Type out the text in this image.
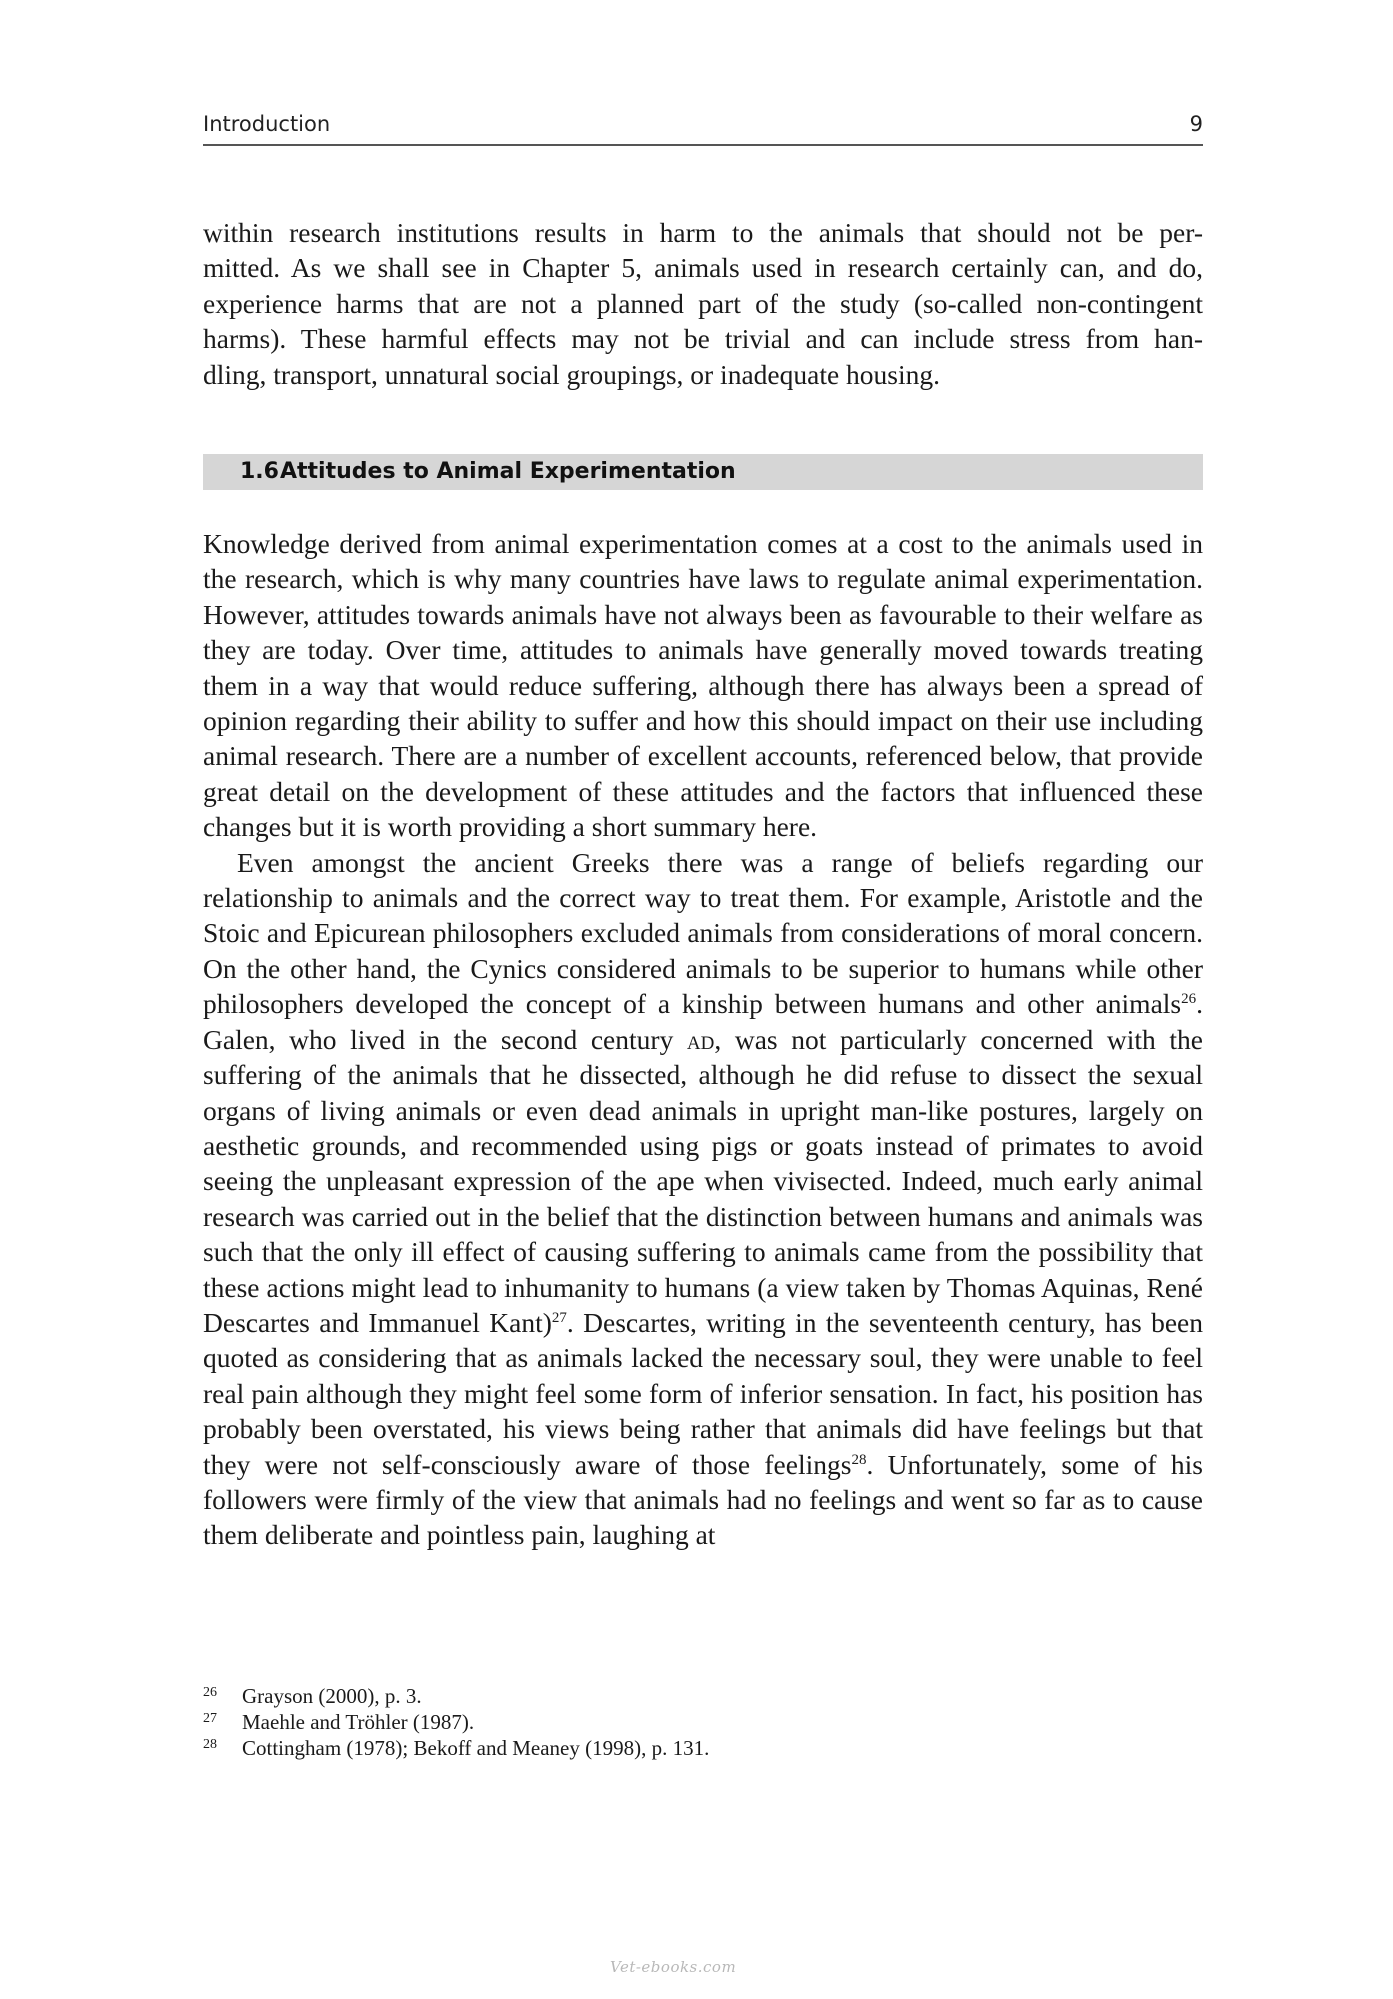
Introduction	9
within research institutions results in harm to the animals that should not be per-
mitted. As we shall see in Chapter 5, animals used in research certainly can, and do,
experience harms that are not a planned part of the study (so-called non-contingent
harms). These harmful effects may not be trivial and can include stress from han-
dling, transport, unnatural social groupings, or inadequate housing.
1.6 Attitudes to Animal Experimentation

Knowledge derived from animal experimentation comes at a cost to the animals used in the research, which is why many countries have laws to regulate animal experimentation. However, attitudes towards animals have not always been as favourable to their welfare as they are today. Over time, attitudes to animals have generally moved towards treating them in a way that would reduce suffering, although there has always been a spread of opinion regarding their ability to suffer and how this should impact on their use including animal research. There are a number of excellent accounts, referenced below, that provide great detail on the development of these attitudes and the factors that influenced these changes but it is worth providing a short summary here.

Even amongst the ancient Greeks there was a range of beliefs regarding our relationship to animals and the correct way to treat them. For example, Aristotle and the Stoic and Epicurean philosophers excluded animals from considerations of moral concern. On the other hand, the Cynics considered animals to be superior to humans while other philosophers developed the concept of a kinship between humans and other animals$^{26}$. Galen, who lived in the second century ad, was not particularly concerned with the suffering of the animals that he dissected, although he did refuse to dissect the sexual organs of living animals or even dead animals in upright man-like postures, largely on aesthetic grounds, and recommended using pigs or goats instead of primates to avoid seeing the unpleasant expression of the ape when vivisected. Indeed, much early animal research was carried out in the belief that the distinction between humans and animals was such that the only ill effect of causing suffering to animals came from the possibility that these actions might lead to inhumanity to humans (a view taken by Thomas Aquinas, René Descartes and Immanuel Kant)$^{27}$. Descartes, writing in the seventeenth century, has been quoted as considering that as animals lacked the necessary soul, they were unable to feel real pain although they might feel some form of inferior sensation. In fact, his position has probably been overstated, his views being rather that animals did have feelings but that they were not self-consciously aware of those feelings$^{28}$. Unfortunately, some of his followers were firmly of the view that animals had no feelings and went so far as to cause them deliberate and pointless pain, laughing at

26 Grayson (2000), p. 3.
27 Maehle and Tröhler (1987).
28 Cottingham (1978); Bekoff and Meaney (1998), p. 131.
Vet-ebooks.com
